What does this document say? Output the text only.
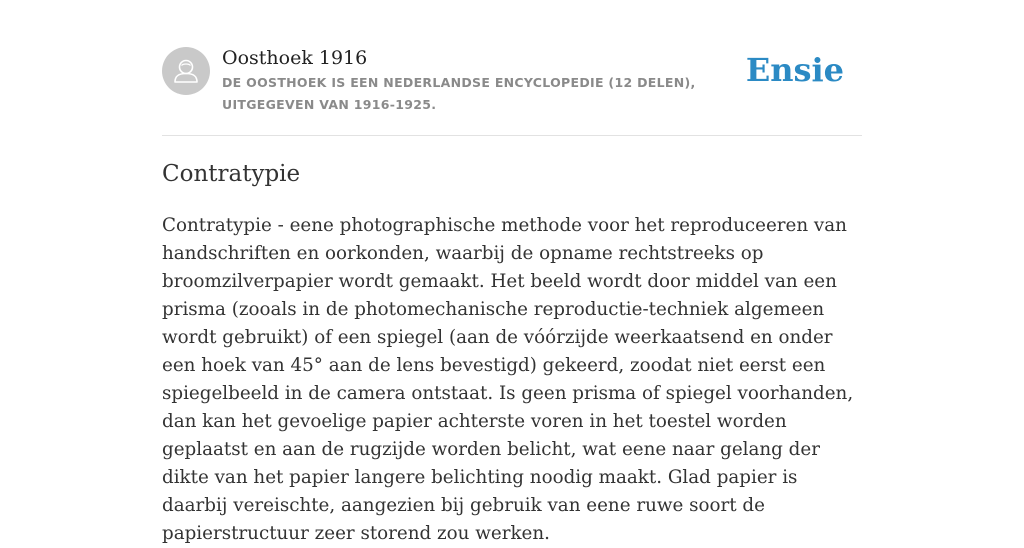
Oosthoek 1916
DE OOSTHOEK IS EEN NEDERLANDSE ENCYCLOPEDIE (12 DELEN), UITGEGEVEN VAN 1916-1925.
Ensie
Contratypie

Contratypie - eene photographische methode voor het reproduceeren van handschriften en oorkonden, waarbij de opname rechtstreeks op broomzilverpapier wordt gemaakt. Het beeld wordt door middel van een prisma (zooals in de photomechanische reproductie-techniek algemeen wordt gebruikt) of een spiegel (aan de vóórzijde weerkaatsend en onder een hoek van 45° aan de lens bevestigd) gekeerd, zoodat niet eerst een spiegelbeeld in de camera ontstaat. Is geen prisma of spiegel voorhanden, dan kan het gevoelige papier achterste voren in het toestel worden geplaatst en aan de rugzijde worden belicht, wat eene naar gelang der dikte van het papier langere belichting noodig maakt. Glad papier is daarbij vereischte, aangezien bij gebruik van eene ruwe soort de papierstructuur zeer storend zou werken.
